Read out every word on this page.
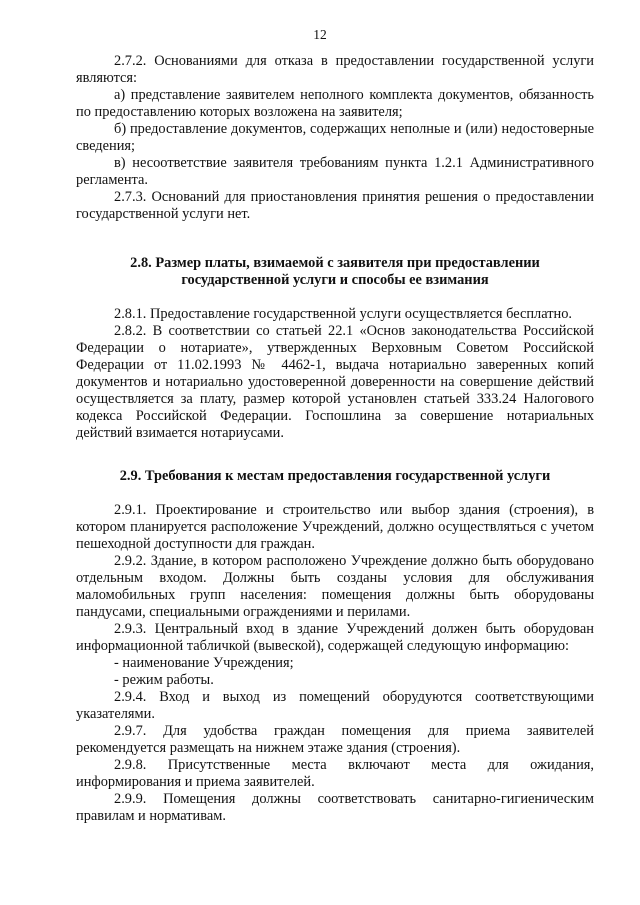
12

2.7.2. Основаниями для отказа в предоставлении государственной услуги являются:

а) представление заявителем неполного комплекта документов, обязанность по предоставлению которых возложена на заявителя;

б) предоставление документов, содержащих неполные и (или) недостоверные сведения;

в) несоответствие заявителя требованиям пункта 1.2.1 Административного регламента.

2.7.3. Оснований для приостановления принятия решения о предоставлении государственной услуги нет.

2.8. Размер платы, взимаемой с заявителя при предоставлении

государственной услуги и способы ее взимания

2.8.1. Предоставление государственной услуги осуществляется бесплатно.

2.8.2. В соответствии со статьей 22.1 «Основ законодательства Российской Федерации о нотариате», утвержденных Верховным Советом Российской Федерации от 11.02.1993 № 4462-1, выдача нотариально заверенных копий документов и нотариально удостоверенной доверенности на совершение действий осуществляется за плату, размер которой установлен статьей 333.24 Налогового кодекса Российской Федерации. Госпошлина за совершение нотариальных действий взимается нотариусами.

2.9. Требования к местам предоставления государственной услуги

2.9.1. Проектирование и строительство или выбор здания (строения), в котором планируется расположение Учреждений, должно осуществляться с учетом пешеходной доступности для граждан.

2.9.2. Здание, в котором расположено Учреждение должно быть оборудовано отдельным входом. Должны быть созданы условия для обслуживания маломобильных групп населения: помещения должны быть оборудованы пандусами, специальными ограждениями и перилами.

2.9.3. Центральный вход в здание Учреждений должен быть оборудован информационной табличкой (вывеской), содержащей следующую информацию:

- наименование Учреждения;

- режим работы.

2.9.4. Вход и выход из помещений оборудуются соответствующими указателями.

2.9.7. Для удобства граждан помещения для приема заявителей рекомендуется размещать на нижнем этаже здания (строения).

2.9.8. Присутственные места включают места для ожидания, информирования и приема заявителей.

2.9.9. Помещения должны соответствовать санитарно-гигиеническим правилам и нормативам.
